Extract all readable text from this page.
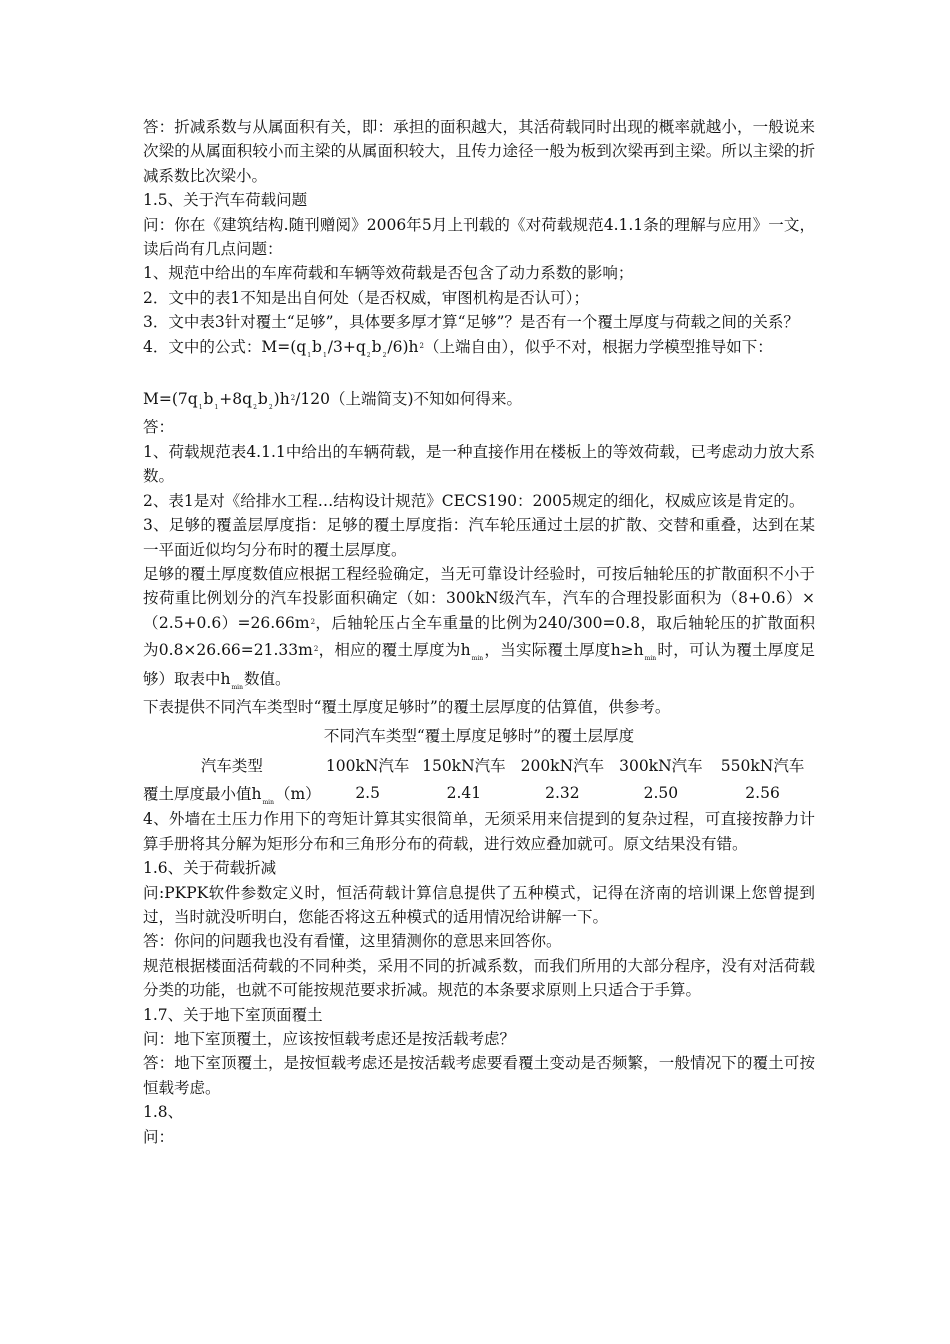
答：折减系数与从属面积有关，即：承担的面积越大，其活荷载同时出现的概率就越小，一般说来次梁的从属面积较小而主梁的从属面积较大，且传力途径一般为板到次梁再到主梁。所以主梁的折减系数比次梁小。

1.5、关于汽车荷载问题

问：你在《建筑结构.随刊赠阅》2006年5月上刊载的《对荷载规范4.1.1条的理解与应用》一文，读后尚有几点问题：

1、规范中给出的车库荷载和车辆等效荷载是否包含了动力系数的影响；

2．文中的表1不知是出自何处（是否权威，审图机构是否认可）；

3．文中表3针对覆土“足够”，具体要多厚才算“足够”？是否有一个覆土厚度与荷载之间的关系？

4．文中的公式：$M=(q_1b_1/3+q_2b_2/6)h^2$（上端自由），似乎不对，根据力学模型推导如下：

$M=(7q_1b_1+8q_2b_2)h^2/120$（上端简支)不知如何得来。

答：

1、荷载规范表4.1.1中给出的车辆荷载，是一种直接作用在楼板上的等效荷载，已考虑动力放大系数。

2、表1是对《给排水工程…结构设计规范》CECS190：2005规定的细化，权威应该是肯定的。

3、足够的覆盖层厚度指：足够的覆土厚度指：汽车轮压通过土层的扩散、交替和重叠，达到在某一平面近似均匀分布时的覆土层厚度。

足够的覆土厚度数值应根据工程经验确定，当无可靠设计经验时，可按后轴轮压的扩散面积不小于按荷重比例划分的汽车投影面积确定（如：300kN级汽车，汽车的合理投影面积为$(8+0.6)\times(2.5+0.6)=26.66m^2$，后轴轮压占全车重量的比例为240/300=0.8，取后轴轮压的扩散面积为$0.8\times 26.66=21.33m^2$，相应的覆土厚度为$h_{min}$，当实际覆土厚度$h\ge h_{min}$时，可认为覆土厚度足够）取表中$h_{min}$数值。

下表提供不同汽车类型时“覆土厚度足够时”的覆土层厚度的估算值，供参考。

不同汽车类型“覆土厚度足够时”的覆土层厚度
汽车类型	100kN汽车	150kN汽车	200kN汽车	300kN汽车	550kN汽车
覆土厚度最小值$h_{min}(m)$	2.5	2.41	2.32	2.50	2.56

4、外墙在土压力作用下的弯矩计算其实很简单，无须采用来信提到的复杂过程，可直接按静力计算手册将其分解为矩形分布和三角形分布的荷载，进行效应叠加就可。原文结果没有错。

1.6、关于荷载折减

问:PKPK软件参数定义时，恒活荷载计算信息提供了五种模式，记得在济南的培训课上您曾提到过，当时就没听明白，您能否将这五种模式的适用情况给讲解一下。

答：你问的问题我也没有看懂，这里猜测你的意思来回答你。

规范根据楼面活荷载的不同种类，采用不同的折减系数，而我们所用的大部分程序，没有对活荷载分类的功能，也就不可能按规范要求折减。规范的本条要求原则上只适合于手算。

1.7、关于地下室顶面覆土

问：地下室顶覆土，应该按恒载考虑还是按活载考虑？

答：地下室顶覆土，是按恒载考虑还是按活载考虑要看覆土变动是否频繁，一般情况下的覆土可按恒载考虑。

1.8、

问：
